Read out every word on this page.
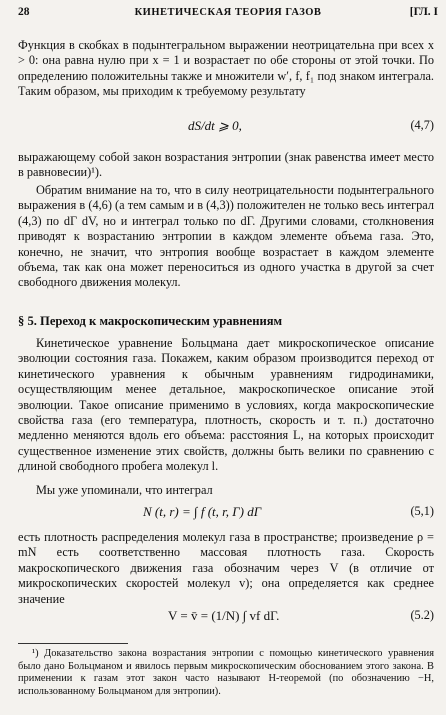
28	КИНЕТИЧЕСКАЯ ТЕОРИЯ ГАЗОВ	[ГЛ. I
Функция в скобках в подынтегральном выражении неотрицательна при всех x > 0: она равна нулю при x = 1 и возрастает по обе стороны от этой точки. По определению положительны также и множители w′, f, f₁ под знаком интеграла. Таким образом, мы приходим к требуемому результату
dS/dt ⩾ 0,	(4,7)
выражающему собой закон возрастания энтропии (знак равенства имеет место в равновесии)¹).
Обратим внимание на то, что в силу неотрицательности подынтегрального выражения в (4,6) (а тем самым и в (4,3)) положителен не только весь интеграл (4,3) по dΓ dV, но и интеграл только по dΓ. Другими словами, столкновения приводят к возрастанию энтропии в каждом элементе объема газа. Это, конечно, не значит, что энтропия вообще возрастает в каждом элементе объема, так как она может переноситься из одного участка в другой за счет свободного движения молекул.
§ 5. Переход к макроскопическим уравнениям
Кинетическое уравнение Больцмана дает микроскопическое описание эволюции состояния газа. Покажем, каким образом производится переход от кинетического уравнения к обычным уравнениям гидродинамики, осуществляющим менее детальное, макроскопическое описание этой эволюции. Такое описание применимо в условиях, когда макроскопические свойства газа (его температура, плотность, скорость и т. п.) достаточно медленно меняются вдоль его объема: расстояния L, на которых происходит существенное изменение этих свойств, должны быть велики по сравнению с длиной свободного пробега молекул l.
Мы уже упоминали, что интеграл
N (t, r) = ∫ f (t, r, Γ) dΓ	(5,1)
есть плотность распределения молекул газа в пространстве; произведение ρ = mN есть соответственно массовая плотность газа. Скорость макроскопического движения газа обозначим через V (в отличие от микроскопических скоростей молекул v); она определяется как среднее значение
V = v̄ = (1/N) ∫ vf dΓ.	(5.2)
¹) Доказательство закона возрастания энтропии с помощью кинетического уравнения было дано Больцманом и явилось первым микроскопическим обоснованием этого закона. В применении к газам этот закон часто называют H-теоремой (по обозначению −H, использованному Больцманом для энтропии).
